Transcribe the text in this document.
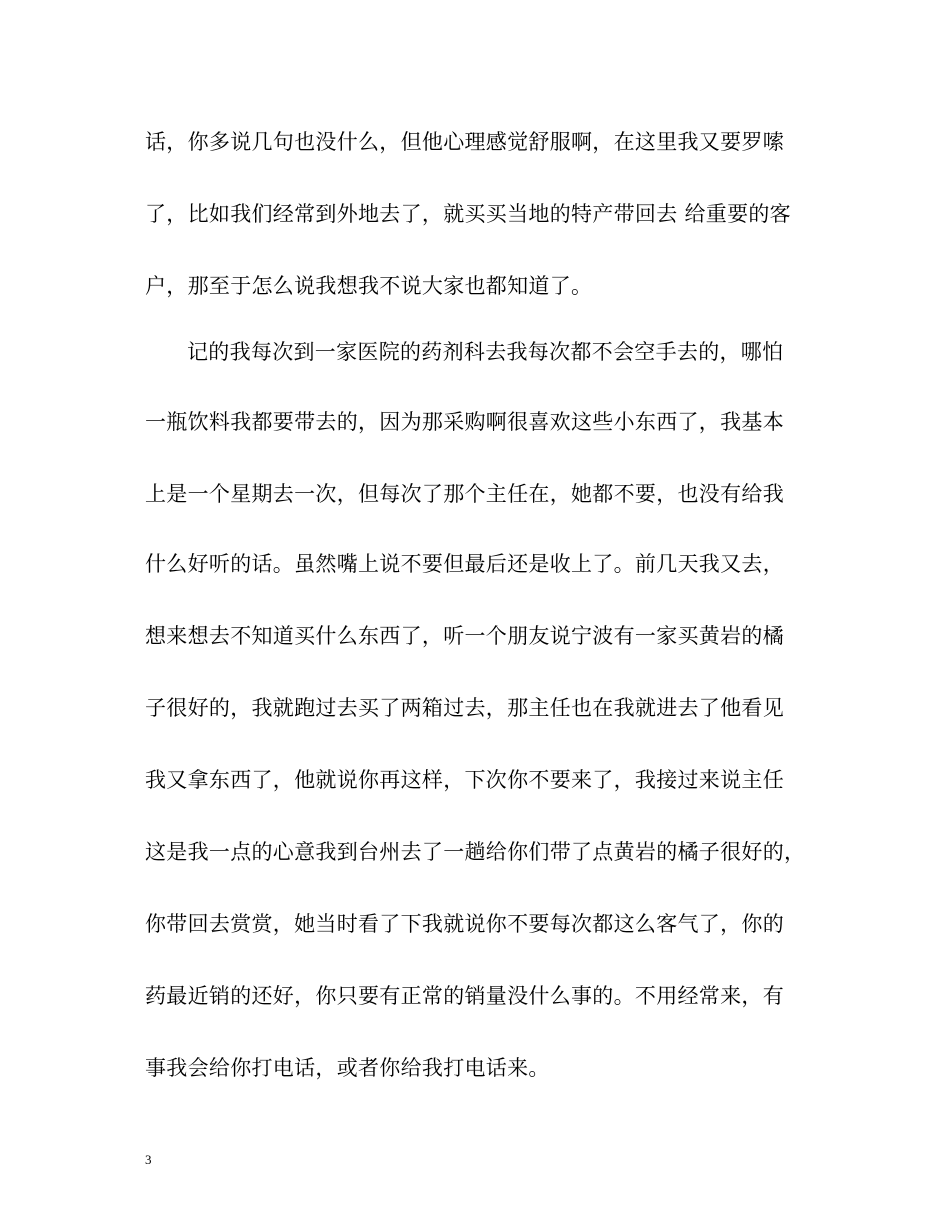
话，你多说几句也没什么，但他心理感觉舒服啊，在这里我又要罗嗦
了，比如我们经常到外地去了，就买买当地的特产带回去 给重要的客
户，那至于怎么说我想我不说大家也都知道了。
记的我每次到一家医院的药剂科去我每次都不会空手去的，哪怕
一瓶饮料我都要带去的，因为那采购啊很喜欢这些小东西了，我基本
上是一个星期去一次，但每次了那个主任在，她都不要，也没有给我
什么好听的话。虽然嘴上说不要但最后还是收上了。前几天我又去，
想来想去不知道买什么东西了，听一个朋友说宁波有一家买黄岩的橘
子很好的，我就跑过去买了两箱过去，那主任也在我就进去了他看见
我又拿东西了，他就说你再这样，下次你不要来了，我接过来说主任
这是我一点的心意我到台州去了一趟给你们带了点黄岩的橘子很好的，
你带回去赏赏，她当时看了下我就说你不要每次都这么客气了，你的
药最近销的还好，你只要有正常的销量没什么事的。不用经常来，有
事我会给你打电话，或者你给我打电话来。
3
